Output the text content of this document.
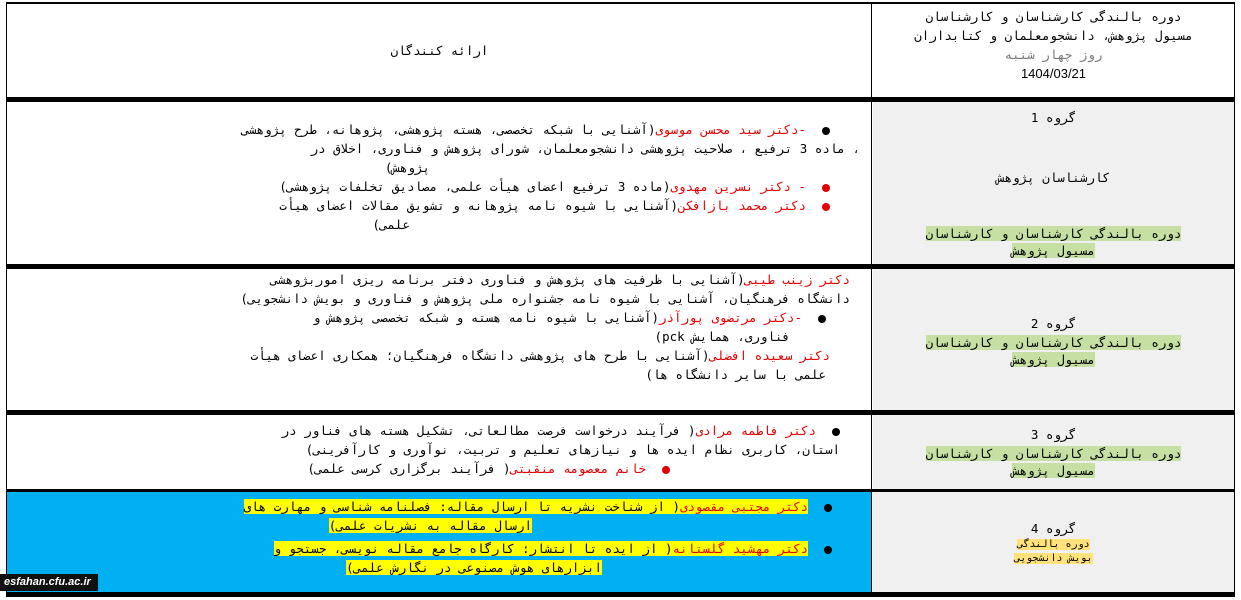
ارائه کنندگان
دوره بالندگی کارشناسان و کارشناسان
مسیول پژوهش، دانشجومعلمان و کتابداران
روز چهار شنبه
1404/03/21
-دکتر سید محسن موسوی(آشنایی با شبکه تخصصی، هسته پژوهشی، پژوهانه، طرح پژوهشی
، ماده 3 ترفیع ، صلاحیت پژوهشی دانشجومعلمان، شورای پژوهش و فناوری، اخلاق در
پژوهش)
- دکتر نسرین مهدوی(ماده 3 ترفیع اعضای هیأت علمی، مصادیق تخلفات پژوهشی)
دکتر محمد بازافکن(آشنایی با شیوه نامه پژوهانه و تشویق مقالات اعضای هیأت
علمی)
گروه 1
کارشناسان پژوهش
دوره بالندگی کارشناسان و کارشناسان
مسیول پژوهش
دکتر زینب طیبی(آشنایی با ظرفیت های پژوهش و فناوری دفتر برنامه ریزی اموربژوهشی
دانشگاه فرهنگیان، آشنایی با شیوه نامه جشنواره ملی پژوهش و فناوری و بویش دانشجویی)
-دکتر مرتضوی پورآذر(آشنایی با شیوه نامه هسته و شبکه تخصصی پژوهش و
فناوری، همایش pck)
دکتر سعیده افضلی(آشنایی با طرح های پژوهشی دانشگاه فرهنگیان؛ همکاری اعضای هیأت
علمی با سایر دانشگاه ها)
گروه 2
دوره بالندگی کارشناسان و کارشناسان
مسیول پژوهش
دکتر فاطمه مرادی( فرآیند درخواست فرصت مطالعاتی، تشکیل هسته های فناور در
استان، کاربری نظام ایده ها و نیازهای تعلیم و تربیت، نوآوری و کارآفرینی)
خانم معصومه منقبتی( فرآیند برگزاری کرسی علمی)
گروه 3
دوره بالندگی کارشناسان و کارشناسان
مسیول پژوهش
دکتر مجتبی مقصودی( از شناخت نشریه تا ارسال مقاله: فصلنامه شناسی و مهارت های
ارسال مقاله به نشریات علمی)
دکتر مهشید گلستانه( از ایده تا انتشار: کارگاه جامع مقاله نویسی، جستجو و
ابزارهای هوش مصنوعی در نگارش علمی)
گروه 4
دوره بالندگی
بویش دانشجویی
esfahan.cfu.ac.ir
